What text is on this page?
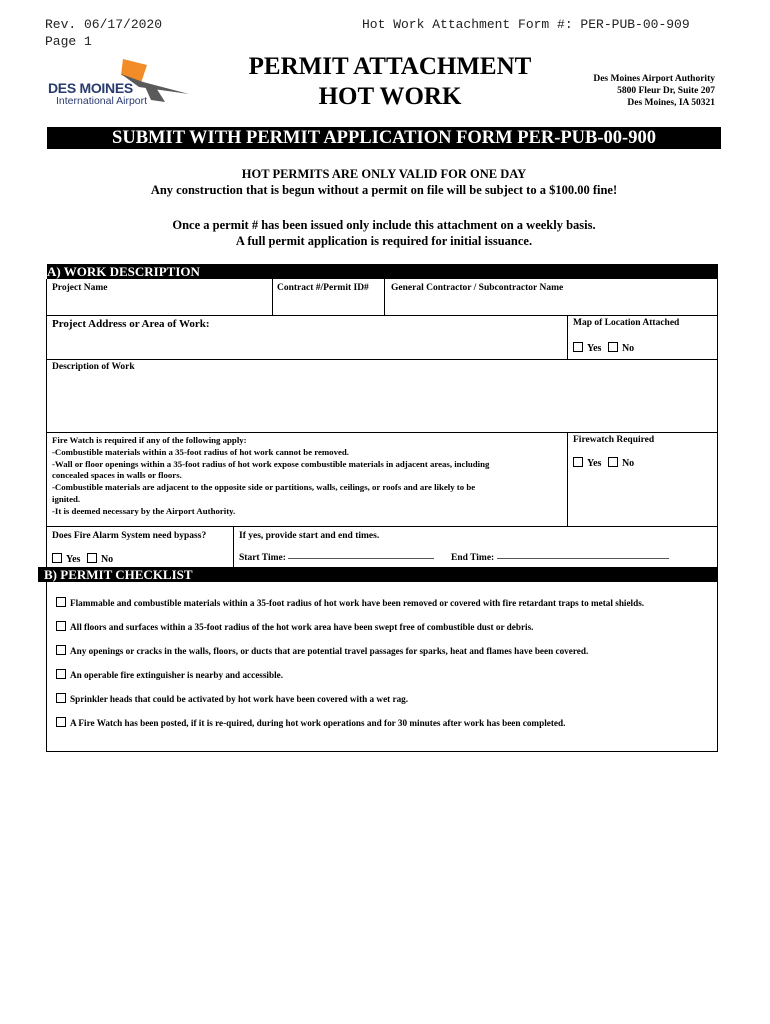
Rev. 06/17/2020
Page 1
Hot Work Attachment Form #: PER-PUB-00-909
DES MOINES
International Airport
PERMIT ATTACHMENT
HOT WORK
Des Moines Airport Authority
5800 Fleur Dr, Suite 207
Des Moines, IA 50321
SUBMIT WITH PERMIT APPLICATION FORM PER-PUB-00-900
HOT PERMITS ARE ONLY VALID FOR ONE DAY
Any construction that is begun without a permit on file will be subject to a $100.00 fine!
Once a permit # has been issued only include this attachment on a weekly basis.
A full permit application is required for initial issuance.
A) WORK DESCRIPTION
Project Name	Contract #/Permit ID# General Contractor / Subcontractor Name
Project Address or Area of Work:	Map of Location Attached
Yes No
Description of Work
Fire Watch is required if any of the following apply:
-Combustible materials within a 35-foot radius of hot work cannot be removed.
-Wall or floor openings within a 35-foot radius of hot work expose combustible materials in adjacent areas, including
concealed spaces in walls or floors.
-Combustible materials are adjacent to the opposite side or partitions, walls, ceilings, or roofs and are likely to be
ignited.
-It is deemed necessary by the Airport Authority.
Firewatch Required
Yes No
Does Fire Alarm System need bypass?
Yes No
If yes, provide start and end times.
Start Time:	End Time:
B) PERMIT CHECKLIST
Flammable and combustible materials within a 35-foot radius of hot work have been removed or covered with fire retardant traps to metal shields.
All floors and surfaces within a 35-foot radius of the hot work area have been swept free of combustible dust or debris.
Any openings or cracks in the walls, floors, or ducts that are potential travel passages for sparks, heat and flames have been covered.
An operable fire extinguisher is nearby and accessible.
Sprinkler heads that could be activated by hot work have been covered with a wet rag.
A Fire Watch has been posted, if it is re-quired, during hot work operations and for 30 minutes after work has been completed.
